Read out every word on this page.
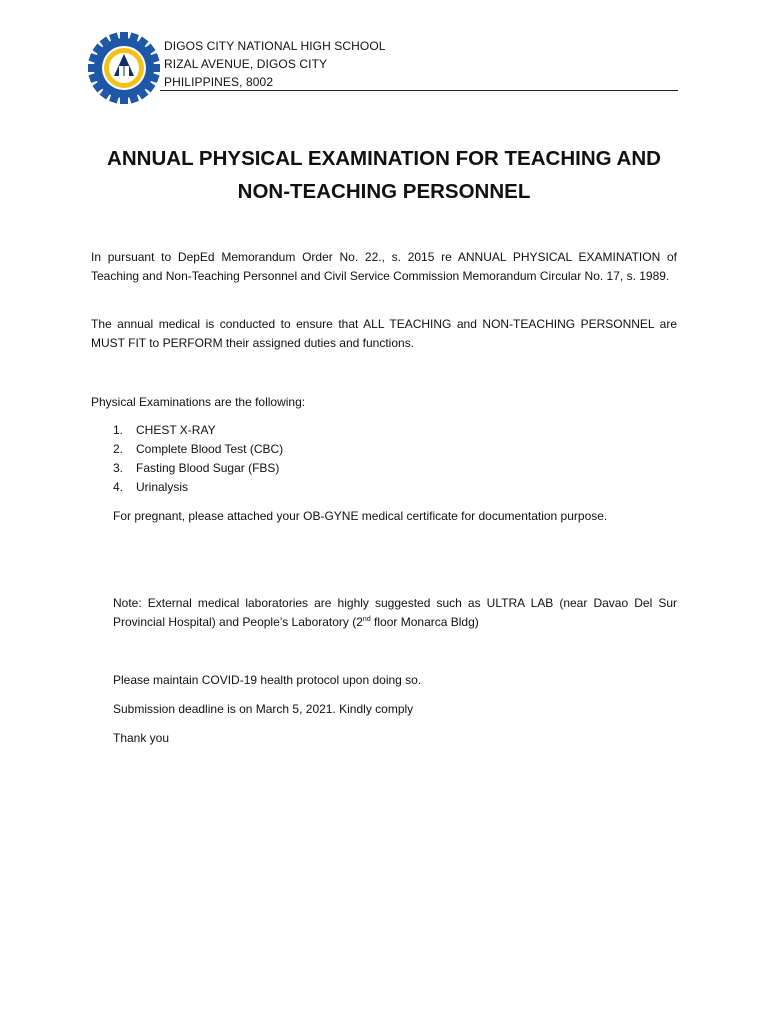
DIGOS CITY NATIONAL HIGH SCHOOL
RIZAL AVENUE, DIGOS CITY
PHILIPPINES, 8002
ANNUAL PHYSICAL EXAMINATION FOR TEACHING AND
NON-TEACHING PERSONNEL
In pursuant to DepEd Memorandum Order No. 22., s. 2015 re ANNUAL PHYSICAL EXAMINATION of Teaching and Non-Teaching Personnel and Civil Service Commission Memorandum Circular No. 17, s. 1989.
The annual medical is conducted to ensure that ALL TEACHING and NON-TEACHING PERSONNEL are MUST FIT to PERFORM their assigned duties and functions.
Physical Examinations are the following:
1.	CHEST X-RAY
2.	Complete Blood Test (CBC)
3.	Fasting Blood Sugar (FBS)
4.	Urinalysis
For pregnant, please attached your OB-GYNE medical certificate for documentation purpose.
Note: External medical laboratories are highly suggested such as ULTRA LAB (near Davao Del Sur Provincial Hospital) and People’s Laboratory (2nd floor Monarca Bldg)
Please maintain COVID-19 health protocol upon doing so.
Submission deadline is on March 5, 2021. Kindly comply
Thank you
